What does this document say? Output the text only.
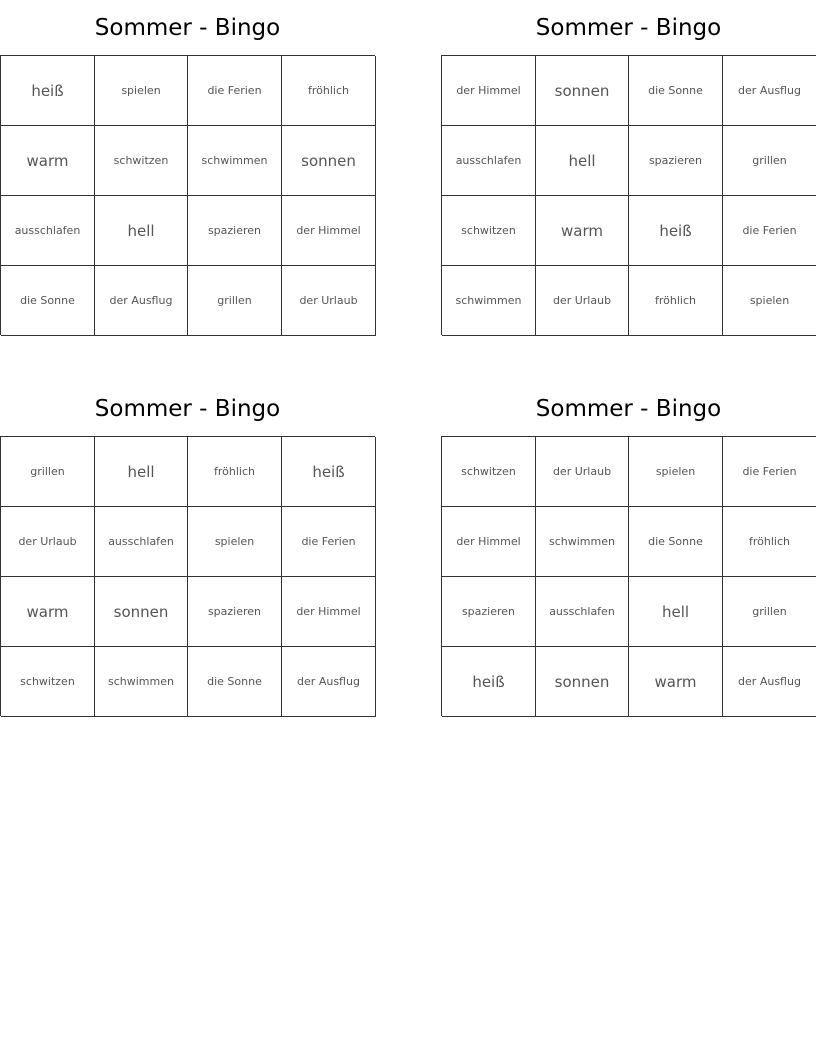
Sommer - Bingo
heiß	spielen	die Ferien	fröhlich
warm	schwitzen	schwimmen	sonnen
ausschlafen	hell	spazieren	der Himmel
die Sonne	der Ausflug	grillen	der Urlaub
Sommer - Bingo
der Himmel	sonnen	die Sonne	der Ausflug
ausschlafen	hell	spazieren	grillen
schwitzen	warm	heiß	die Ferien
schwimmen	der Urlaub	fröhlich	spielen
Sommer - Bingo
grillen	hell	fröhlich	heiß
der Urlaub	ausschlafen	spielen	die Ferien
warm	sonnen	spazieren	der Himmel
schwitzen	schwimmen	die Sonne	der Ausflug
Sommer - Bingo
schwitzen	der Urlaub	spielen	die Ferien
der Himmel	schwimmen	die Sonne	fröhlich
spazieren	ausschlafen	hell	grillen
heiß	sonnen	warm	der Ausflug
